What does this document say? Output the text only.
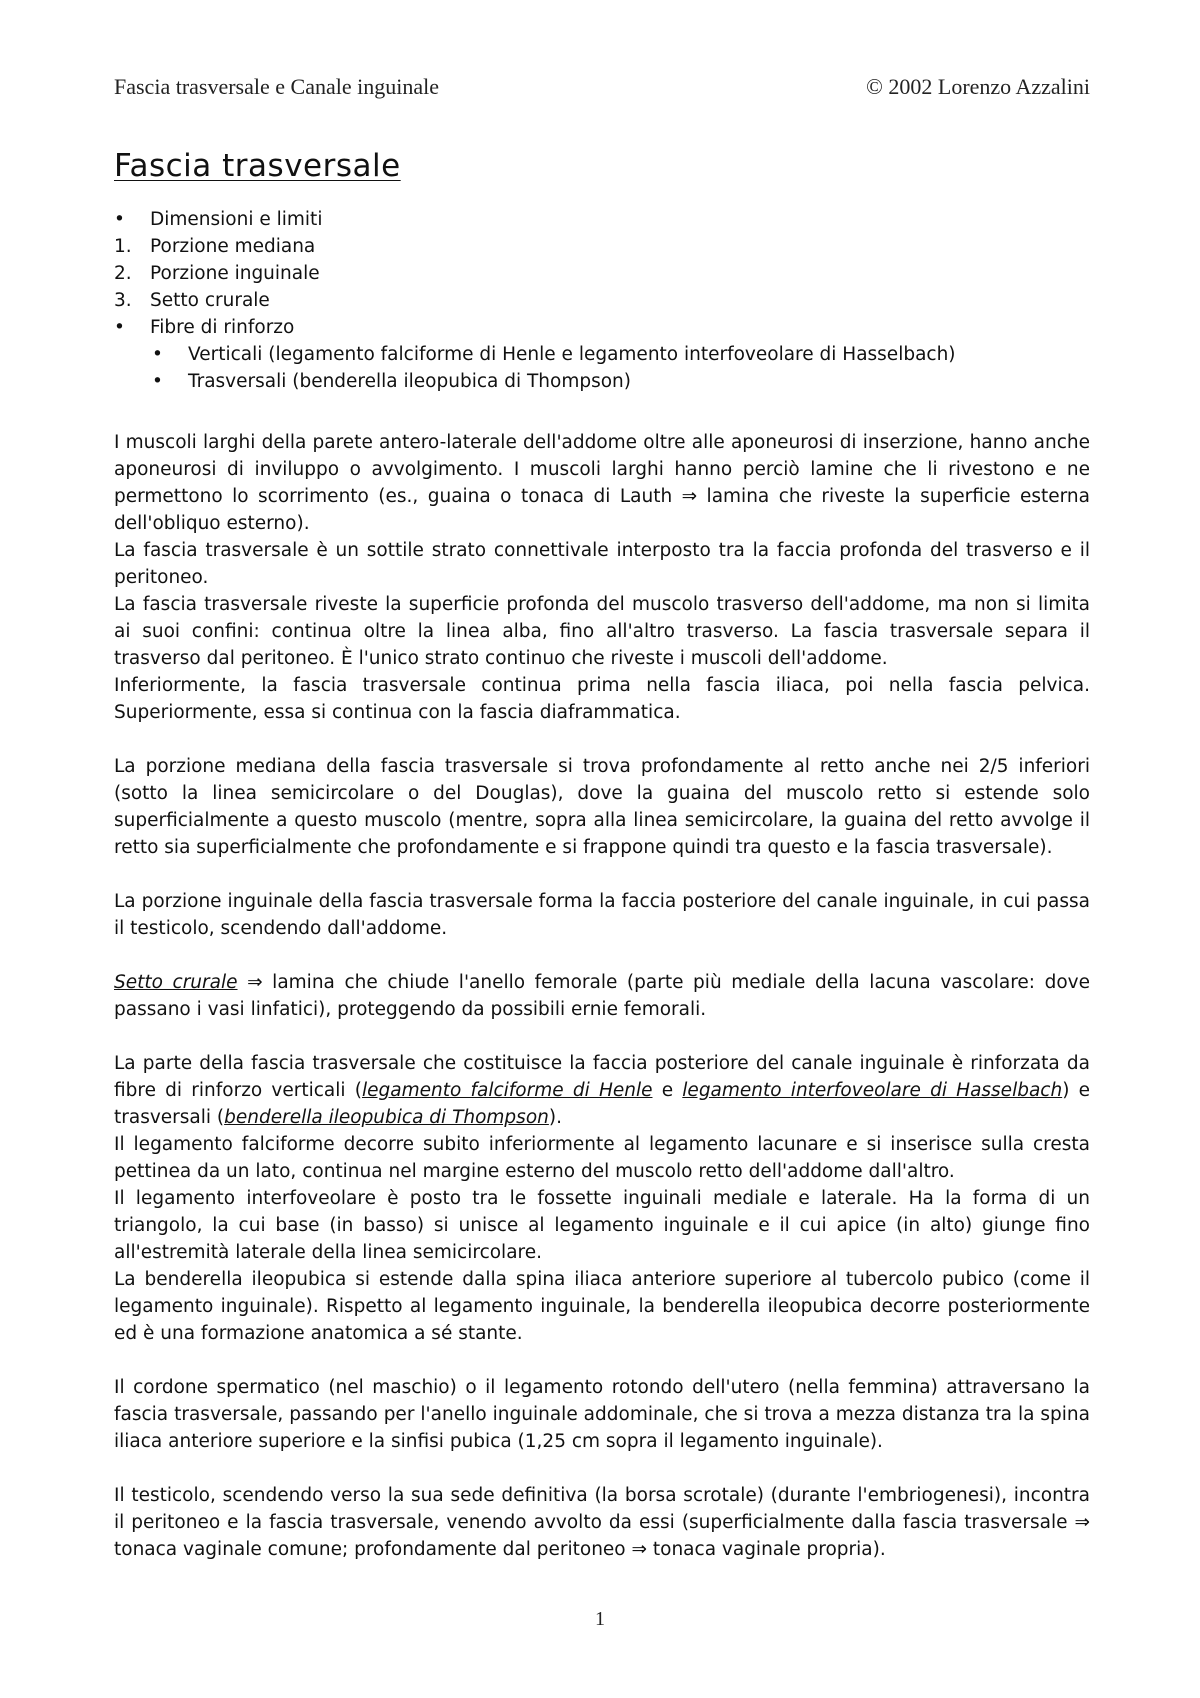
Fascia trasversale e Canale inguinale	© 2002 Lorenzo Azzalini
Fascia trasversale
•	Dimensioni e limiti
1. Porzione mediana
2. Porzione inguinale
3. Setto crurale
•	Fibre di rinforzo
•	Verticali (legamento falciforme di Henle e legamento interfoveolare di Hasselbach)
•	Trasversali (benderella ileopubica di Thompson)

I muscoli larghi della parete antero-laterale dell'addome oltre alle aponeurosi di inserzione, hanno anche aponeurosi di inviluppo o avvolgimento. I muscoli larghi hanno perciò lamine che li rivestono e ne permettono lo scorrimento (es., guaina o tonaca di Lauth ⇒ lamina che riveste la superficie esterna dell'obliquo esterno).

La fascia trasversale è un sottile strato connettivale interposto tra la faccia profonda del trasverso e il peritoneo.

La fascia trasversale riveste la superficie profonda del muscolo trasverso dell'addome, ma non si limita ai suoi confini: continua oltre la linea alba, fino all'altro trasverso. La fascia trasversale separa il trasverso dal peritoneo. È l'unico strato continuo che riveste i muscoli dell'addome.

Inferiormente, la fascia trasversale continua prima nella fascia iliaca, poi nella fascia pelvica. Superiormente, essa si continua con la fascia diaframmatica.

La porzione mediana della fascia trasversale si trova profondamente al retto anche nei 2/5 inferiori (sotto la linea semicircolare o del Douglas), dove la guaina del muscolo retto si estende solo superficialmente a questo muscolo (mentre, sopra alla linea semicircolare, la guaina del retto avvolge il retto sia superficialmente che profondamente e si frappone quindi tra questo e la fascia trasversale).

La porzione inguinale della fascia trasversale forma la faccia posteriore del canale inguinale, in cui passa il testicolo, scendendo dall'addome.

Setto crurale ⇒ lamina che chiude l'anello femorale (parte più mediale della lacuna vascolare: dove passano i vasi linfatici), proteggendo da possibili ernie femorali.

La parte della fascia trasversale che costituisce la faccia posteriore del canale inguinale è rinforzata da fibre di rinforzo verticali (legamento falciforme di Henle e legamento interfoveolare di Hasselbach) e trasversali (benderella ileopubica di Thompson).

Il legamento falciforme decorre subito inferiormente al legamento lacunare e si inserisce sulla cresta pettinea da un lato, continua nel margine esterno del muscolo retto dell'addome dall'altro.

Il legamento interfoveolare è posto tra le fossette inguinali mediale e laterale. Ha la forma di un triangolo, la cui base (in basso) si unisce al legamento inguinale e il cui apice (in alto) giunge fino all'estremità laterale della linea semicircolare.

La benderella ileopubica si estende dalla spina iliaca anteriore superiore al tubercolo pubico (come il legamento inguinale). Rispetto al legamento inguinale, la benderella ileopubica decorre posteriormente ed è una formazione anatomica a sé stante.

Il cordone spermatico (nel maschio) o il legamento rotondo dell'utero (nella femmina) attraversano la fascia trasversale, passando per l'anello inguinale addominale, che si trova a mezza distanza tra la spina iliaca anteriore superiore e la sinfisi pubica (1,25 cm sopra il legamento inguinale).

Il testicolo, scendendo verso la sua sede definitiva (la borsa scrotale) (durante l'embriogenesi), incontra il peritoneo e la fascia trasversale, venendo avvolto da essi (superficialmente dalla fascia trasversale ⇒ tonaca vaginale comune; profondamente dal peritoneo ⇒ tonaca vaginale propria).

1
